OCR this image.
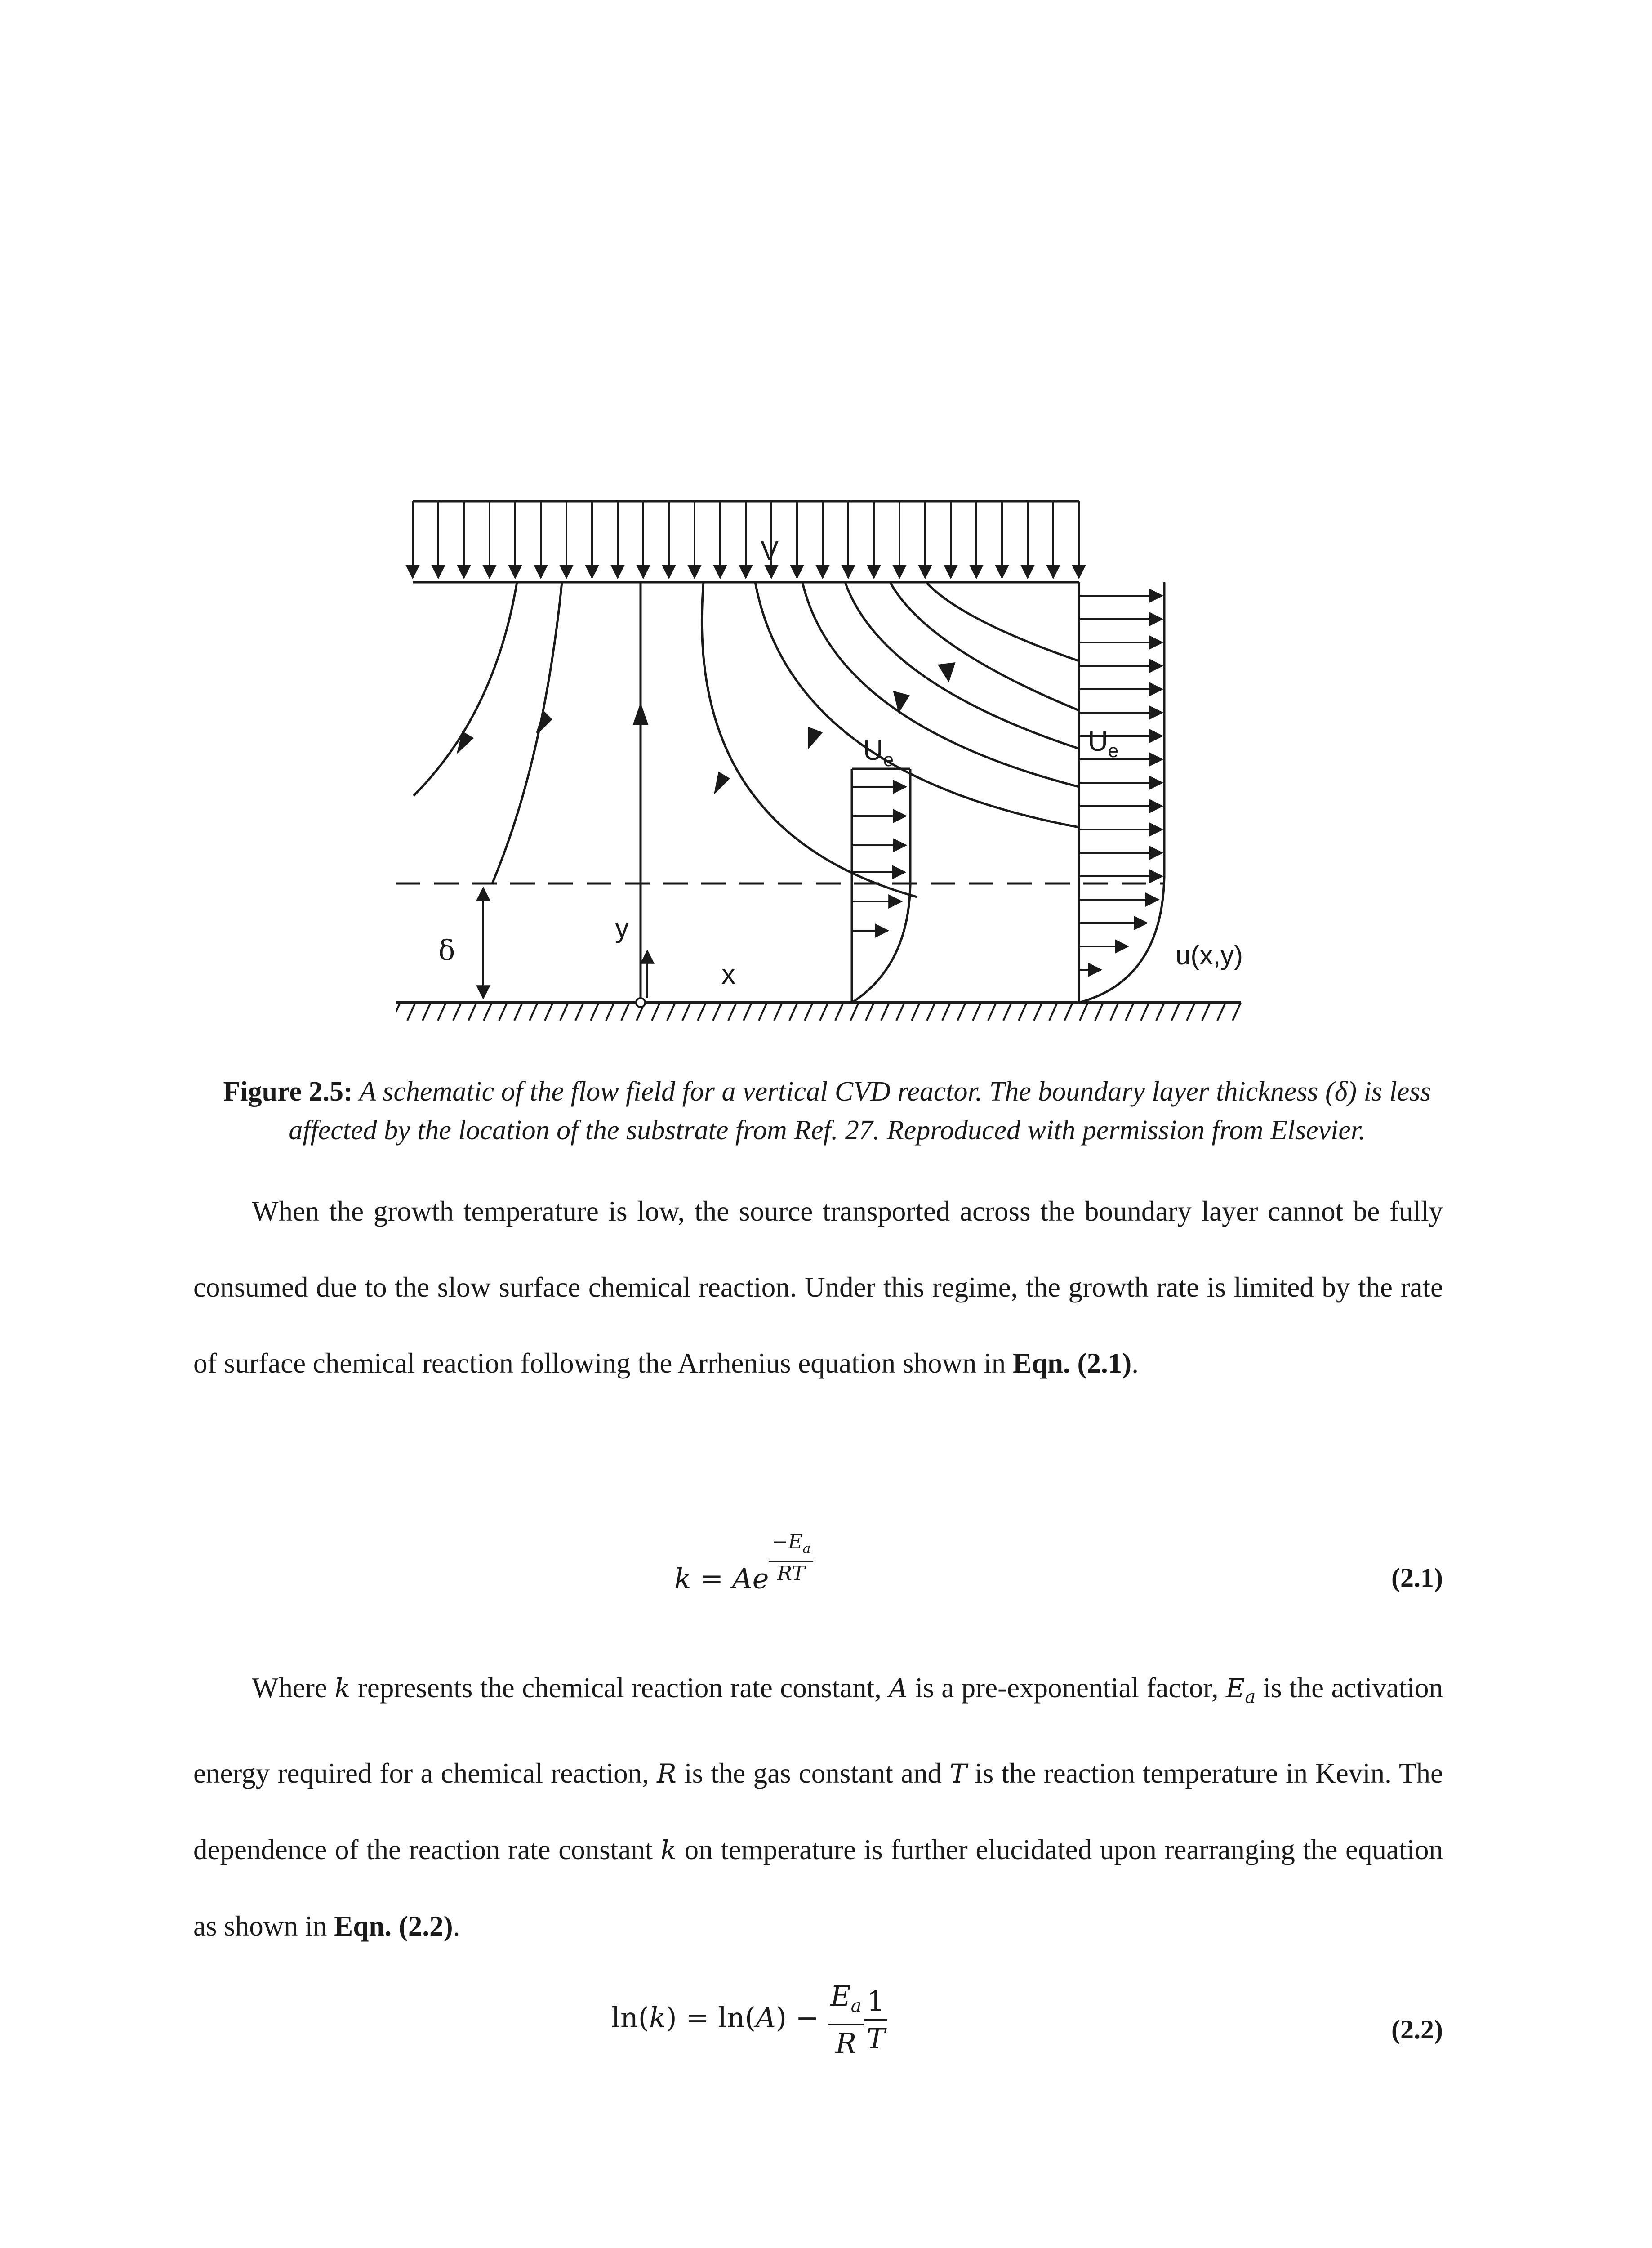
V
$U_e$
$U_e$
δ
y
x
u(x,y)
Figure 2.5: A schematic of the flow field for a vertical CVD reactor. The boundary layer thickness (δ) is less affected by the location of the substrate from Ref. 27. Reproduced with permission from Elsevier.
When the growth temperature is low, the source transported across the boundary layer cannot be fully consumed due to the slow surface chemical reaction. Under this regime, the growth rate is limited by the rate of surface chemical reaction following the Arrhenius equation shown in Eqn. (2.1).
k = Ae $^{\frac{-E_a}{RT}}$	(2.1)
Where k represents the chemical reaction rate constant, A is a pre-exponential factor, $E_a$ is the activation energy required for a chemical reaction, R is the gas constant and T is the reaction temperature in Kevin. The dependence of the reaction rate constant k on temperature is further elucidated upon rearranging the equation as shown in Eqn. (2.2).
$\ln(k) = \ln(A) - \frac{E_a}{R} \frac{1}{T}$	(2.2)
